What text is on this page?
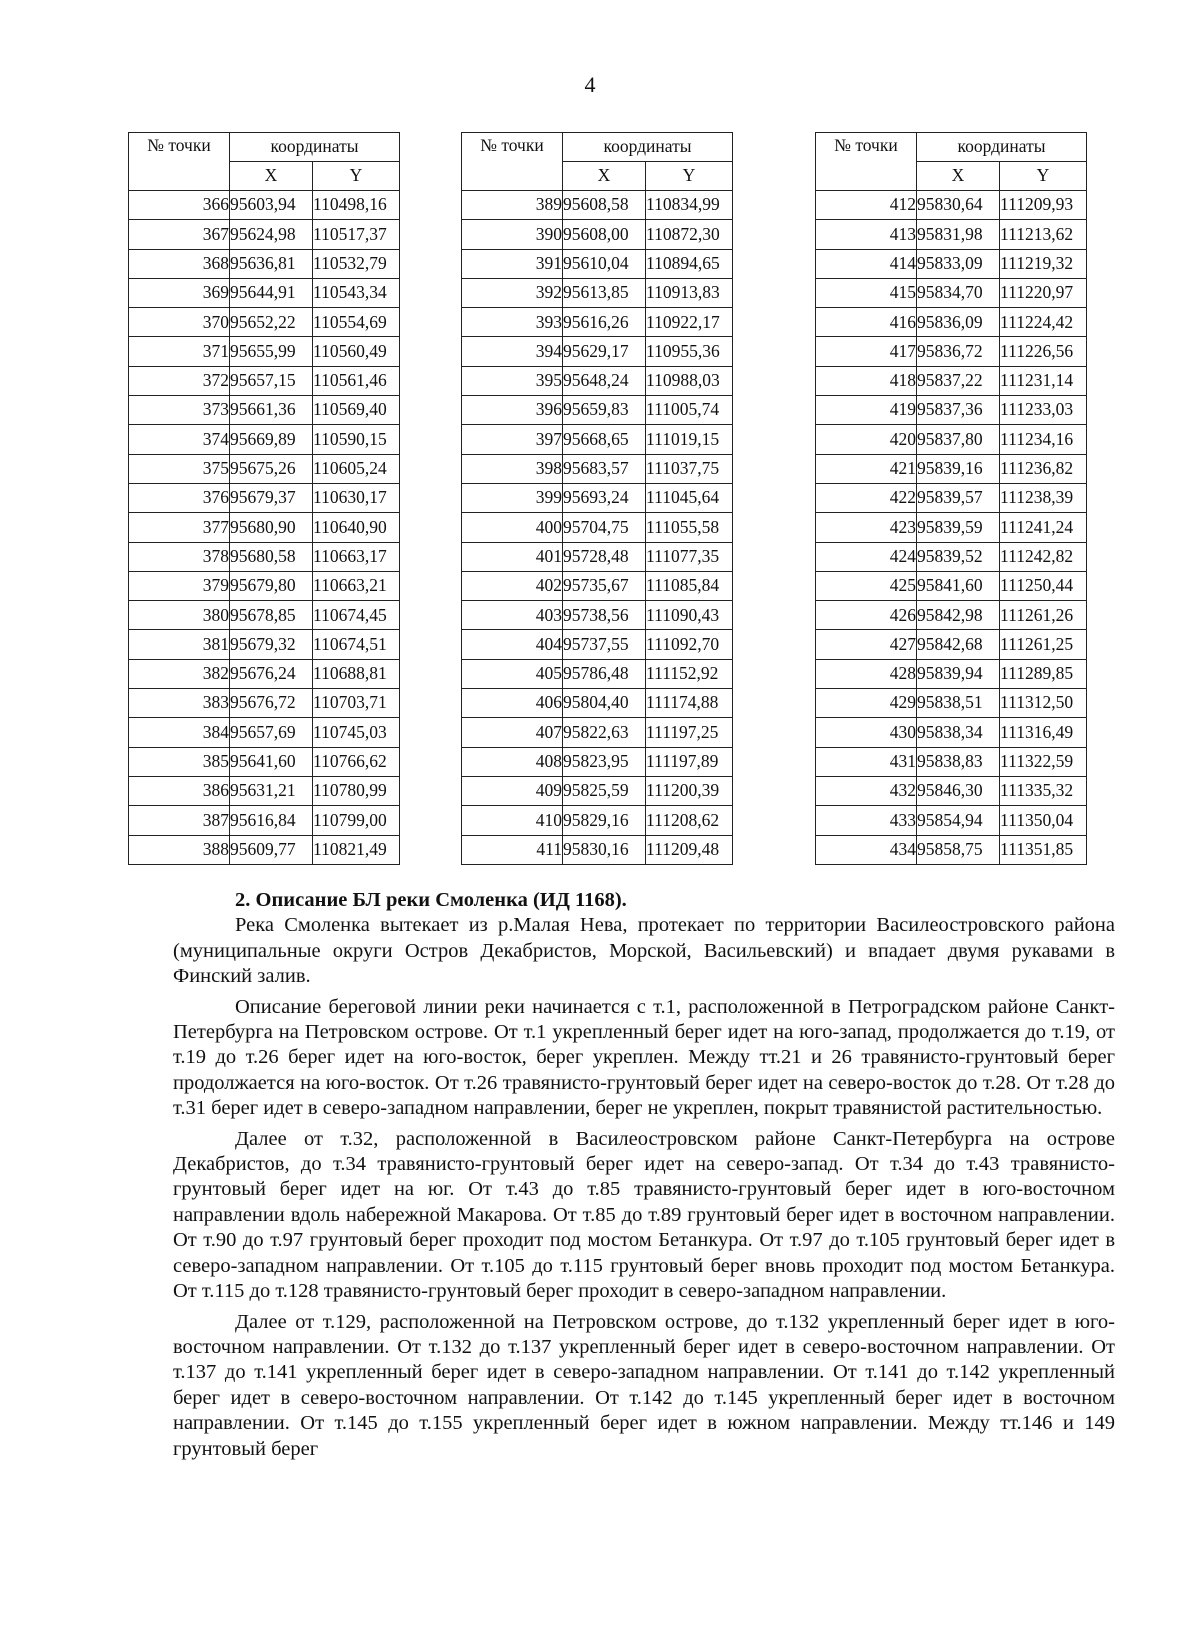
4
№ точки	координаты	
	X	Y
366	95603,94	110498,16
367	95624,98	110517,37
368	95636,81	110532,79
369	95644,91	110543,34
370	95652,22	110554,69
371	95655,99	110560,49
372	95657,15	110561,46
373	95661,36	110569,40
374	95669,89	110590,15
375	95675,26	110605,24
376	95679,37	110630,17
377	95680,90	110640,90
378	95680,58	110663,17
379	95679,80	110663,21
380	95678,85	110674,45
381	95679,32	110674,51
382	95676,24	110688,81
383	95676,72	110703,71
384	95657,69	110745,03
385	95641,60	110766,62
386	95631,21	110780,99
387	95616,84	110799,00
388	95609,77	110821,49
№ точки	координаты	
	X	Y
389	95608,58	110834,99
390	95608,00	110872,30
391	95610,04	110894,65
392	95613,85	110913,83
393	95616,26	110922,17
394	95629,17	110955,36
395	95648,24	110988,03
396	95659,83	111005,74
397	95668,65	111019,15
398	95683,57	111037,75
399	95693,24	111045,64
400	95704,75	111055,58
401	95728,48	111077,35
402	95735,67	111085,84
403	95738,56	111090,43
404	95737,55	111092,70
405	95786,48	111152,92
406	95804,40	111174,88
407	95822,63	111197,25
408	95823,95	111197,89
409	95825,59	111200,39
410	95829,16	111208,62
411	95830,16	111209,48
№ точки	координаты	
	X	Y
412	95830,64	111209,93
413	95831,98	111213,62
414	95833,09	111219,32
415	95834,70	111220,97
416	95836,09	111224,42
417	95836,72	111226,56
418	95837,22	111231,14
419	95837,36	111233,03
420	95837,80	111234,16
421	95839,16	111236,82
422	95839,57	111238,39
423	95839,59	111241,24
424	95839,52	111242,82
425	95841,60	111250,44
426	95842,98	111261,26
427	95842,68	111261,25
428	95839,94	111289,85
429	95838,51	111312,50
430	95838,34	111316,49
431	95838,83	111322,59
432	95846,30	111335,32
433	95854,94	111350,04
434	95858,75	111351,85

2. Описание БЛ реки Смоленка (ИД 1168).

Река Смоленка вытекает из р.Малая Нева, протекает по территории Василеостровского района (муниципальные округи Остров Декабристов, Морской, Васильевский) и впадает двумя рукавами в Финский залив.

Описание береговой линии реки начинается с т.1, расположенной в Петроградском районе Санкт-Петербурга на Петровском острове. От т.1 укрепленный берег идет на юго-запад, продолжается до т.19, от т.19 до т.26 берег идет на юго-восток, берег укреплен. Между тт.21 и 26 травянисто-грунтовый берег продолжается на юго-восток. От т.26 травянисто-грунтовый берег идет на северо-восток до т.28. От т.28 до т.31 берег идет в северо-западном направлении, берег не укреплен, покрыт травянистой растительностью.

Далее от т.32, расположенной в Василеостровском районе Санкт-Петербурга на острове Декабристов, до т.34 травянисто-грунтовый берег идет на северо-запад. От т.34 до т.43 травянисто-грунтовый берег идет на юг. От т.43 до т.85 травянисто-грунтовый берег идет в юго-восточном направлении вдоль набережной Макарова. От т.85 до т.89 грунтовый берег идет в восточном направлении. От т.90 до т.97 грунтовый берег проходит под мостом Бетанкура. От т.97 до т.105 грунтовый берег идет в северо-западном направлении. От т.105 до т.115 грунтовый берег вновь проходит под мостом Бетанкура. От т.115 до т.128 травянисто-грунтовый берег проходит в северо-западном направлении.

Далее от т.129, расположенной на Петровском острове, до т.132 укрепленный берег идет в юго-восточном направлении. От т.132 до т.137 укрепленный берег идет в северо-восточном направлении. От т.137 до т.141 укрепленный берег идет в северо-западном направлении. От т.141 до т.142 укрепленный берег идет в северо-восточном направлении. От т.142 до т.145 укрепленный берег идет в восточном направлении. От т.145 до т.155 укрепленный берег идет в южном направлении. Между тт.146 и 149 грунтовый берег
